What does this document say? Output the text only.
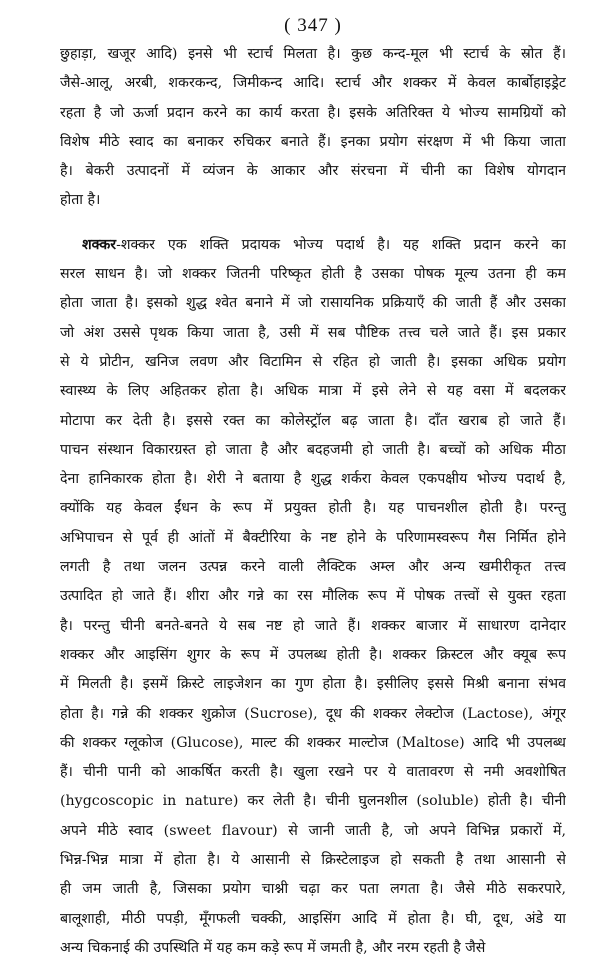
( 347 )
छुहाड़ा, खजूर आदि) इनसे भी स्टार्च मिलता है। कुछ कन्द-मूल भी स्टार्च के स्रोत हैं।
जैसे-आलू, अरबी, शकरकन्द, जिमीकन्द आदि। स्टार्च और शक्कर में केवल कार्बोहाइड्रेट
रहता है जो ऊर्जा प्रदान करने का कार्य करता है। इसके अतिरिक्त ये भोज्य सामग्रियों को
विशेष मीठे स्वाद का बनाकर रुचिकर बनाते हैं। इनका प्रयोग संरक्षण में भी किया जाता
है। बेकरी उत्पादनों में व्यंजन के आकार और संरचना में चीनी का विशेष योगदान
होता है।
शक्कर-शक्कर एक शक्ति प्रदायक भोज्य पदार्थ है। यह शक्ति प्रदान करने का
सरल साधन है। जो शक्कर जितनी परिष्कृत होती है उसका पोषक मूल्य उतना ही कम
होता जाता है। इसको शुद्ध श्वेत बनाने में जो रासायनिक प्रक्रियाएँ की जाती हैं और उसका
जो अंश उससे पृथक किया जाता है, उसी में सब पौष्टिक तत्त्व चले जाते हैं। इस प्रकार
से ये प्रोटीन, खनिज लवण और विटामिन से रहित हो जाती है। इसका अधिक प्रयोग
स्वास्थ्य के लिए अहितकर होता है। अधिक मात्रा में इसे लेने से यह वसा में बदलकर
मोटापा कर देती है। इससे रक्त का कोलेस्ट्रॉल बढ़ जाता है। दाँत खराब हो जाते हैं।
पाचन संस्थान विकारग्रस्त हो जाता है और बदहजमी हो जाती है। बच्चों को अधिक मीठा
देना हानिकारक होता है। शेरी ने बताया है शुद्ध शर्करा केवल एकपक्षीय भोज्य पदार्थ है,
क्योंकि यह केवल ईंधन के रूप में प्रयुक्त होती है। यह पाचनशील होती है। परन्तु
अभिपाचन से पूर्व ही आंतों में बैक्टीरिया के नष्ट होने के परिणामस्वरूप गैस निर्मित होने
लगती है तथा जलन उत्पन्न करने वाली लैक्टिक अम्ल और अन्य खमीरीकृत तत्त्व
उत्पादित हो जाते हैं। शीरा और गन्ने का रस मौलिक रूप में पोषक तत्त्वों से युक्त रहता
है। परन्तु चीनी बनते-बनते ये सब नष्ट हो जाते हैं। शक्कर बाजार में साधारण दानेदार
शक्कर और आइसिंग शुगर के रूप में उपलब्ध होती है। शक्कर क्रिस्टल और क्यूब रूप
में मिलती है। इसमें क्रिस्टे लाइजेशन का गुण होता है। इसीलिए इससे मिश्री बनाना संभव
होता है। गन्ने की शक्कर शुक्रोज (Sucrose), दूध की शक्कर लेक्टोज (Lactose), अंगूर
की शक्कर ग्लूकोज (Glucose), माल्ट की शक्कर माल्टोज (Maltose) आदि भी उपलब्ध
हैं। चीनी पानी को आकर्षित करती है। खुला रखने पर ये वातावरण से नमी अवशोषित
(hygcoscopic in nature) कर लेती है। चीनी घुलनशील (soluble) होती है। चीनी
अपने मीठे स्वाद (sweet flavour) से जानी जाती है, जो अपने विभिन्न प्रकारों में,
भिन्न-भिन्न मात्रा में होता है। ये आसानी से क्रिस्टेलाइज हो सकती है तथा आसानी से
ही जम जाती है, जिसका प्रयोग चाश्नी चढ़ा कर पता लगता है। जैसे मीठे सकरपारे,
बालूशाही, मीठी पपड़ी, मूँगफली चक्की, आइसिंग आदि में होता है। घी, दूध, अंडे या
अन्य चिकनाई की उपस्थिति में यह कम कड़े रूप में जमती है, और नरम रहती है जैसे
